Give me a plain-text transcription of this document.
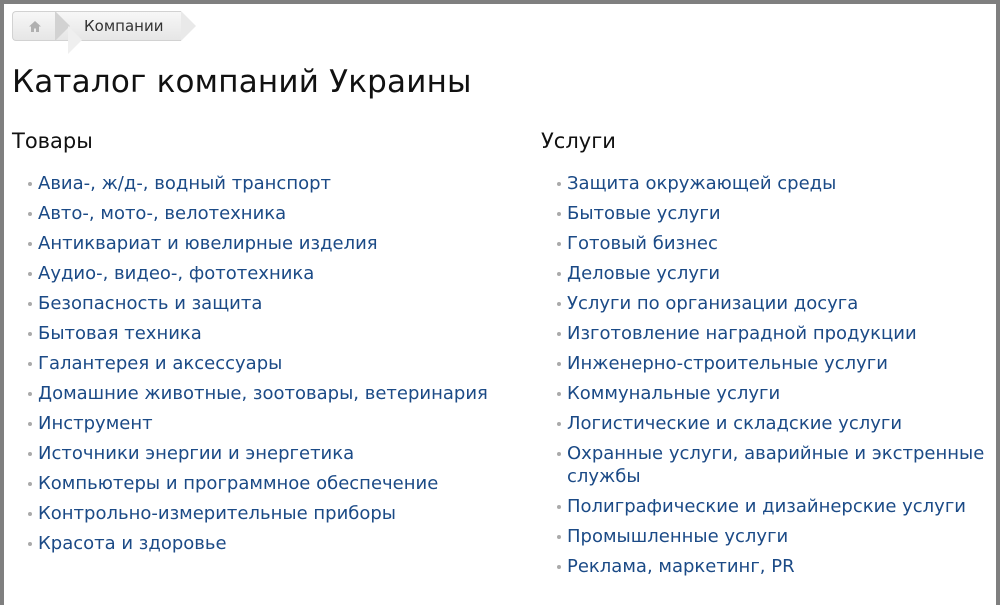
Компании
Каталог компаний Украины
Товары
Авиа-, ж/д-, водный транспорт
Авто-, мото-, велотехника
Антиквариат и ювелирные изделия
Аудио-, видео-, фототехника
Безопасность и защита
Бытовая техника
Галантерея и аксессуары
Домашние животные, зоотовары, ветеринария
Инструмент
Источники энергии и энергетика
Компьютеры и программное обеспечение
Контрольно-измерительные приборы
Красота и здоровье
Услуги
Защита окружающей среды
Бытовые услуги
Готовый бизнес
Деловые услуги
Услуги по организации досуга
Изготовление наградной продукции
Инженерно-строительные услуги
Коммунальные услуги
Логистические и складские услуги
Охранные услуги, аварийные и экстренные службы
Полиграфические и дизайнерские услуги
Промышленные услуги
Реклама, маркетинг, PR
